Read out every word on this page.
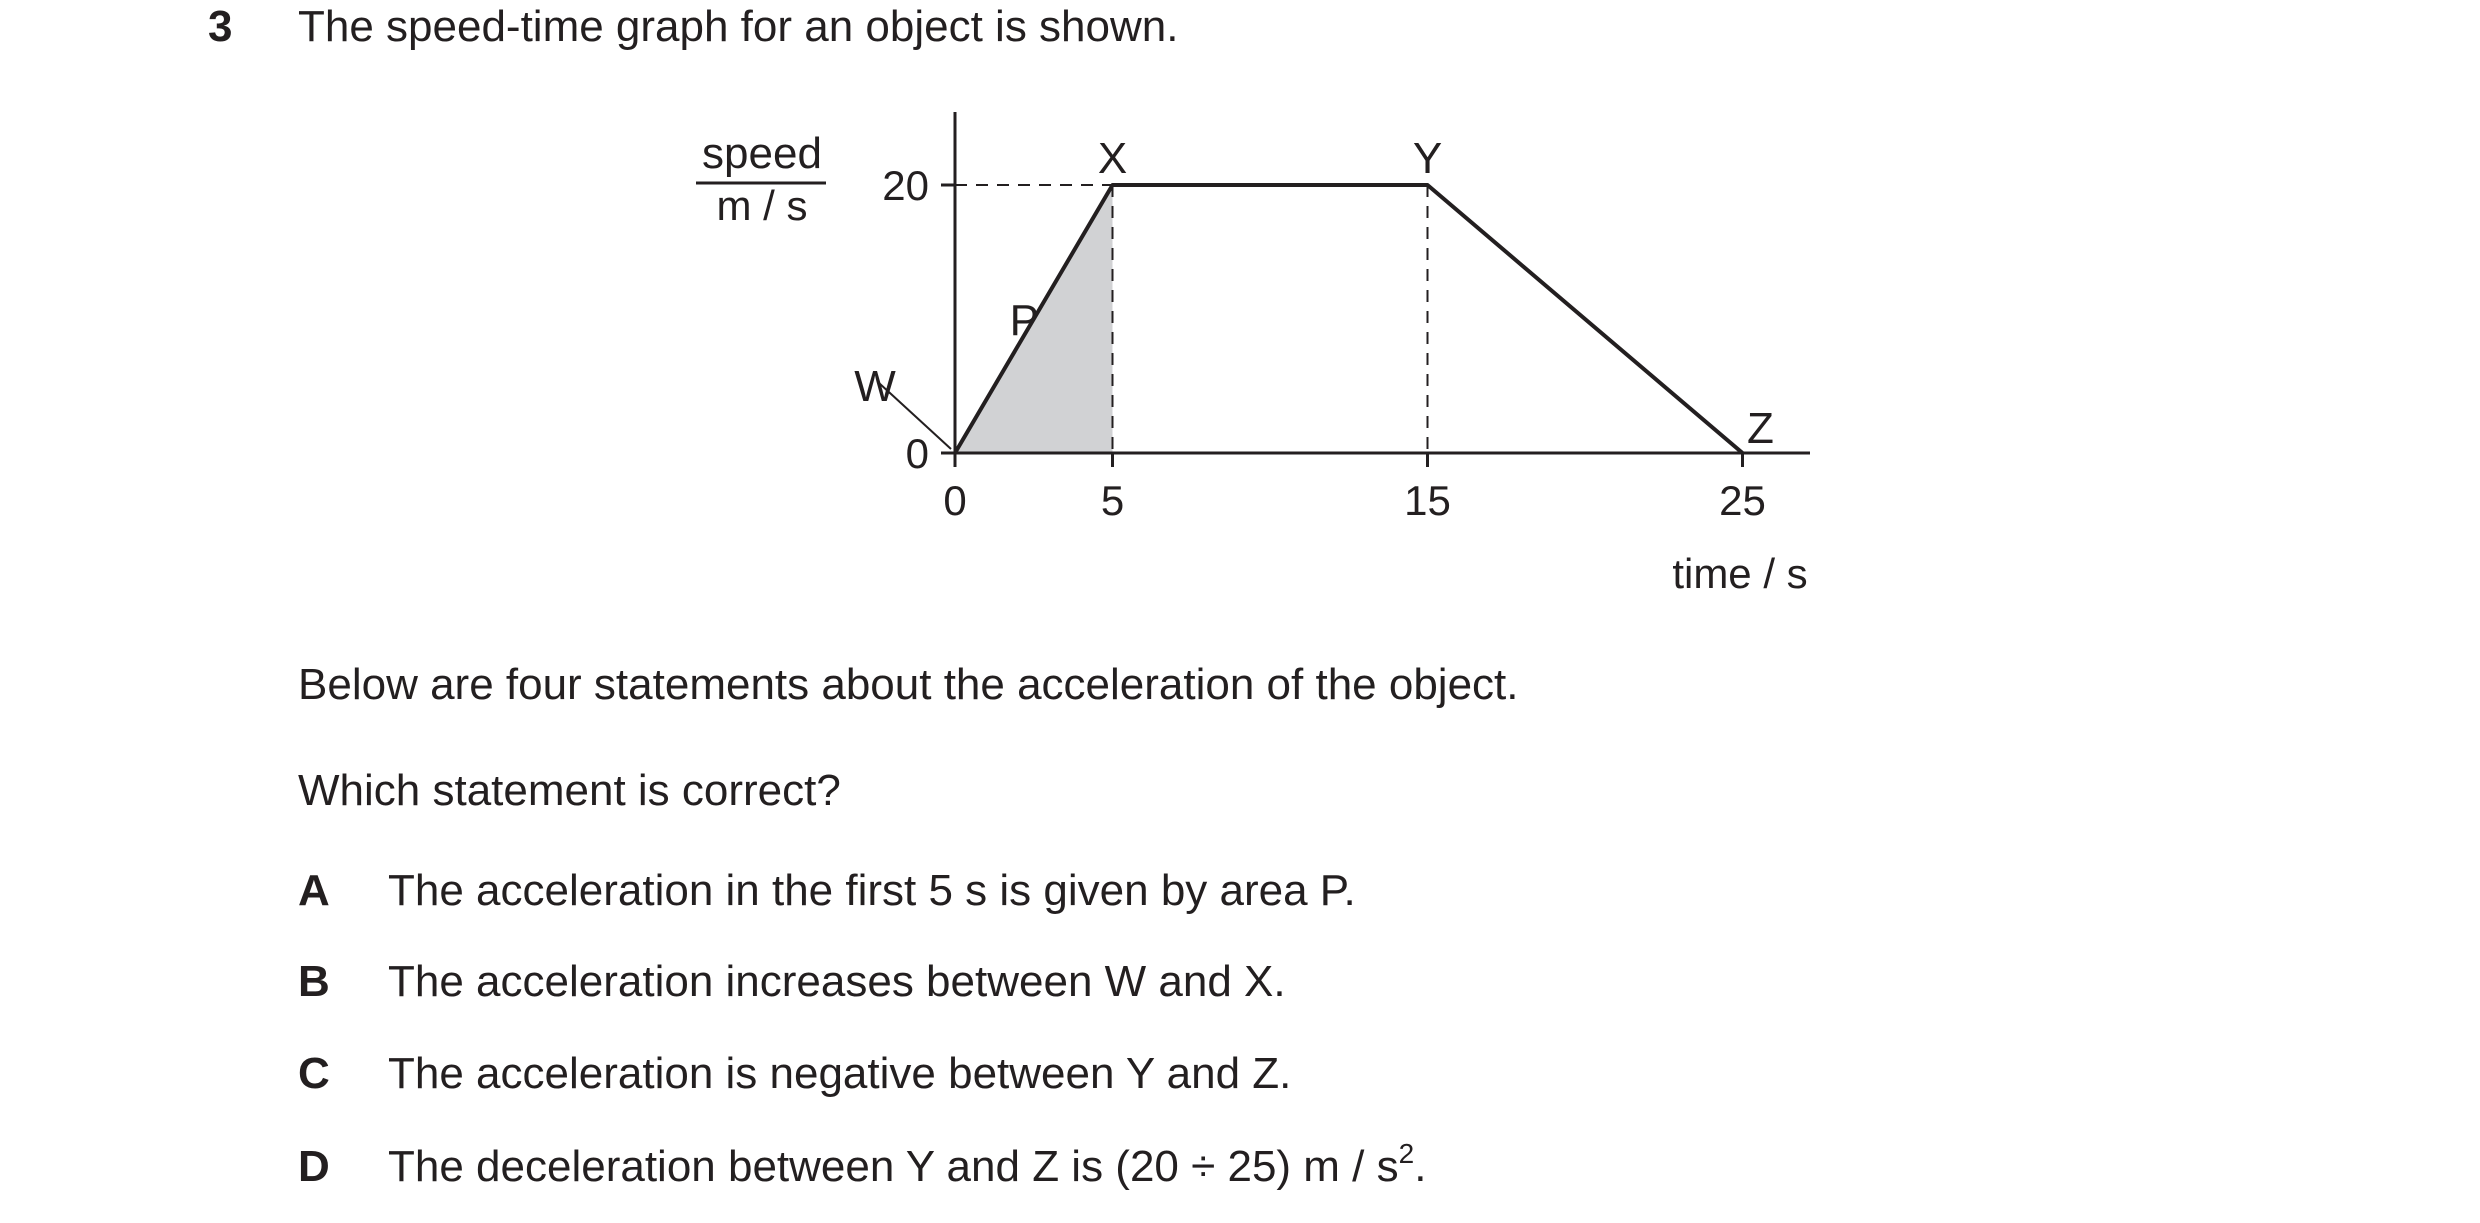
3 The speed-time graph for an object is shown.
0	5	15	25
0
20
W
X	Y
Z
speed
m / s
time / s
P
Below are four statements about the acceleration of the object.
Which statement is correct?
A The acceleration in the first 5 s is given by area P.
B The acceleration increases between W and X.
C The acceleration is negative between Y and Z.
D The deceleration between Y and Z is (20 ÷ 25) m / $s^2$.
